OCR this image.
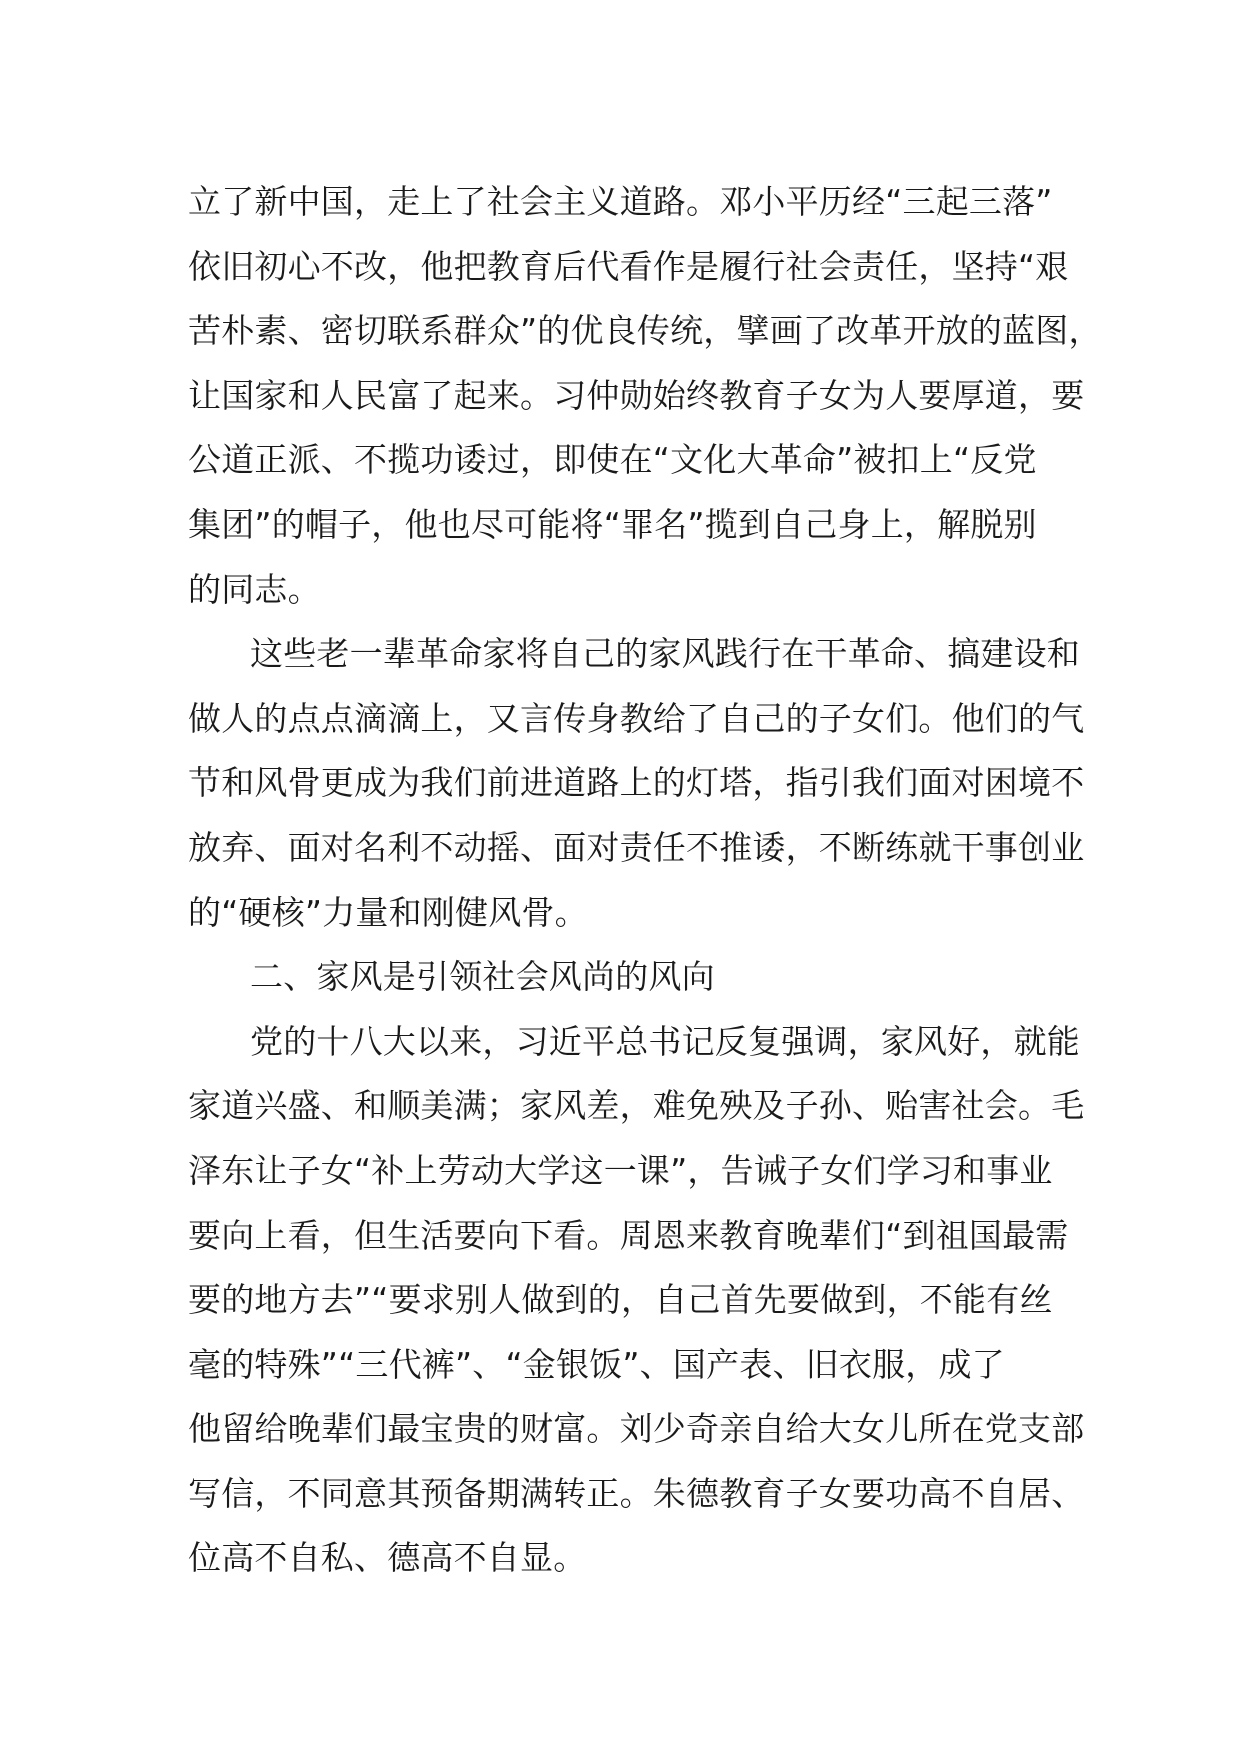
立了新中国，走上了社会主义道路。邓小平历经“三起三落”
依旧初心不改，他把教育后代看作是履行社会责任，坚持“艰
苦朴素、密切联系群众”的优良传统，擘画了改革开放的蓝图，
让国家和人民富了起来。习仲勋始终教育子女为人要厚道，要
公道正派、不揽功诿过，即使在“文化大革命”被扣上“反党
集团”的帽子，他也尽可能将“罪名”揽到自己身上，解脱别
的同志。
这些老一辈革命家将自己的家风践行在干革命、搞建设和
做人的点点滴滴上，又言传身教给了自己的子女们。他们的气
节和风骨更成为我们前进道路上的灯塔，指引我们面对困境不
放弃、面对名利不动摇、面对责任不推诿，不断练就干事创业
的“硬核”力量和刚健风骨。
二、家风是引领社会风尚的风向
党的十八大以来，习近平总书记反复强调，家风好，就能
家道兴盛、和顺美满；家风差，难免殃及子孙、贻害社会。毛
泽东让子女“补上劳动大学这一课”，告诫子女们学习和事业
要向上看，但生活要向下看。周恩来教育晚辈们“到祖国最需
要的地方去”“要求别人做到的，自己首先要做到，不能有丝
毫的特殊”“三代裤”、“金银饭”、国产表、旧衣服，成了
他留给晚辈们最宝贵的财富。刘少奇亲自给大女儿所在党支部
写信，不同意其预备期满转正。朱德教育子女要功高不自居、
位高不自私、德高不自显。
